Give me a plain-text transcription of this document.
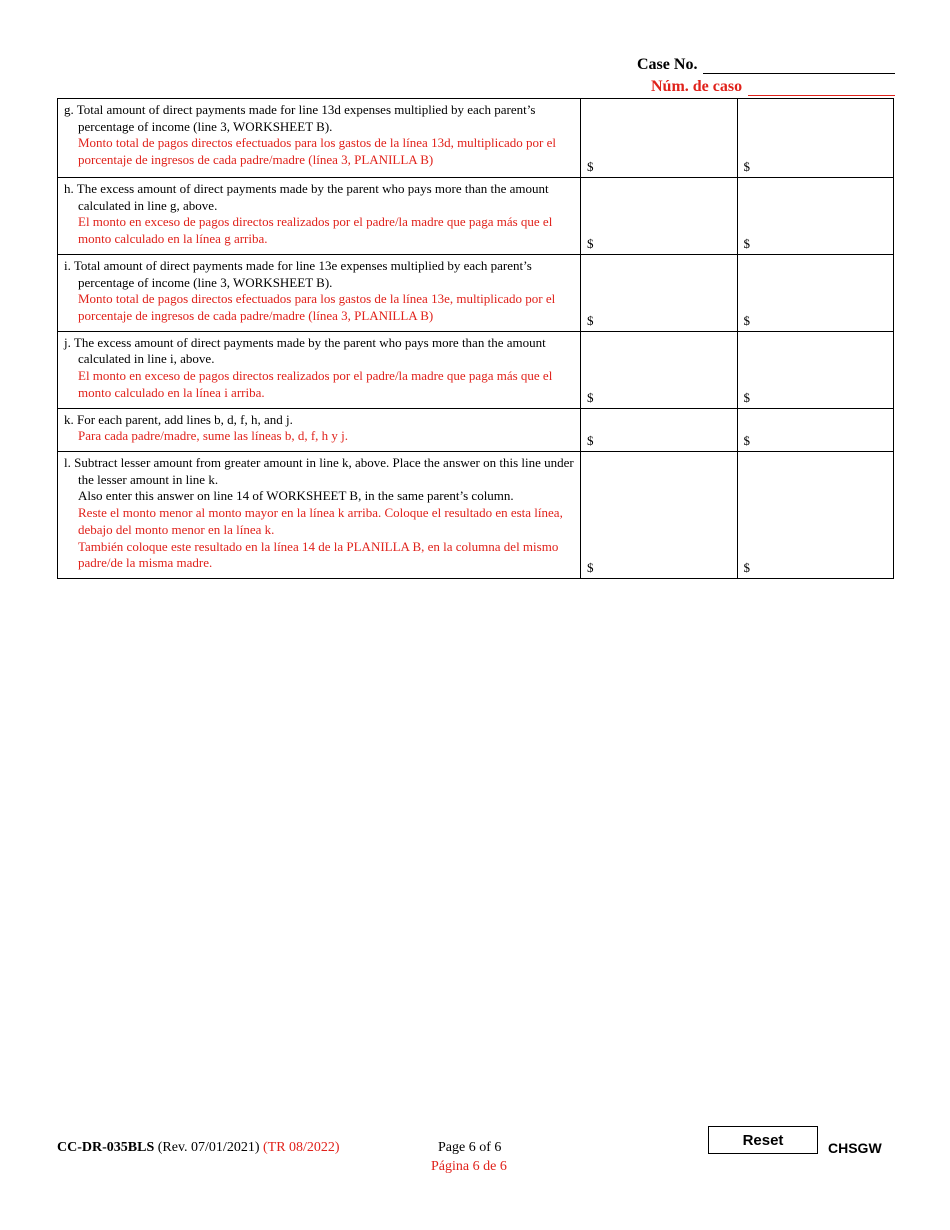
Case No.
Núm. de caso
g. Total amount of direct payments made for line 13d expenses multiplied by each parent’s percentage of income (line 3, WORKSHEET B).
Monto total de pagos directos efectuados para los gastos de la línea 13d, multiplicado por el porcentaje de ingresos de cada padre/madre (línea 3, PLANILLA B)	$	$

h. The excess amount of direct payments made by the parent who pays more than the amount calculated in line g, above.
El monto en exceso de pagos directos realizados por el padre/la madre que paga más que el monto calculado en la línea g arriba.	$	$

i. Total amount of direct payments made for line 13e expenses multiplied by each parent’s percentage of income (line 3, WORKSHEET B).
Monto total de pagos directos efectuados para los gastos de la línea 13e, multiplicado por el porcentaje de ingresos de cada padre/madre (línea 3, PLANILLA B)	$	$

j. The excess amount of direct payments made by the parent who pays more than the amount calculated in line i, above.
El monto en exceso de pagos directos realizados por el padre/la madre que paga más que el monto calculado en la línea i arriba.	$	$

k. For each parent, add lines b, d, f, h, and j.
Para cada padre/madre, sume las líneas b, d, f, h y j.	$	$

l. Subtract lesser amount from greater amount in line k, above. Place the answer on this line under the lesser amount in line k.
Also enter this answer on line 14 of WORKSHEET B, in the same parent’s column.
Reste el monto menor al monto mayor en la línea k arriba. Coloque el resultado en esta línea, debajo del monto menor en la línea k.
También coloque este resultado en la línea 14 de la PLANILLA B, en la columna del mismo padre/de la misma madre.	$	$
CC-DR-035BLS (Rev. 07/01/2021) (TR 08/2022)	Page 6 of 6
Página 6 de 6
Reset	CHSGW
